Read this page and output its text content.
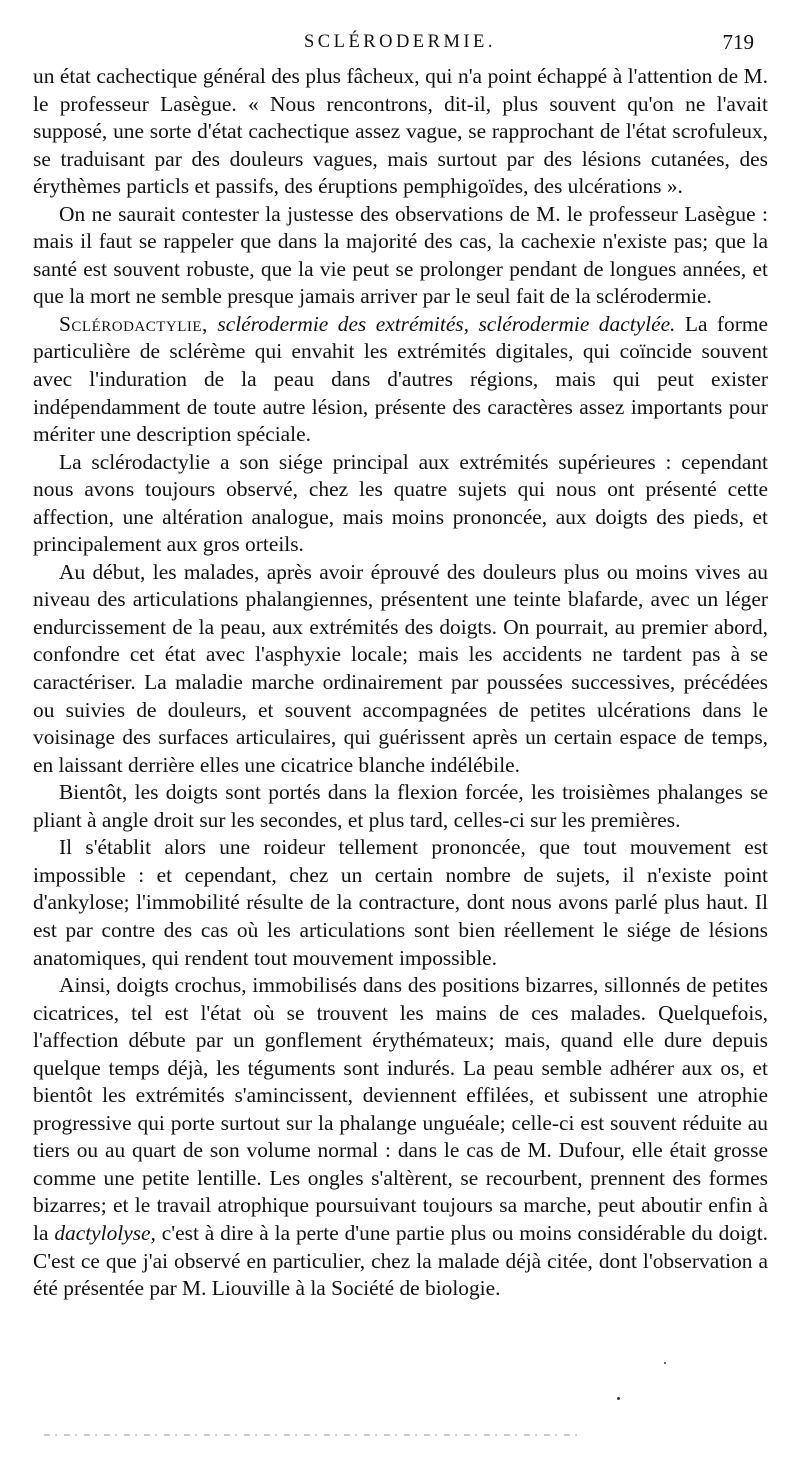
SCLÉRODERMIE.	719

un état cachectique général des plus fâcheux, qui n'a point échappé à l'attention de M. le professeur Lasègue. « Nous rencontrons, dit-il, plus souvent qu'on ne l'avait supposé, une sorte d'état cachectique assez vague, se rapprochant de l'état scrofuleux, se traduisant par des douleurs vagues, mais surtout par des lésions cutanées, des érythèmes particls et passifs, des éruptions pemphigoïdes, des ulcérations ».

On ne saurait contester la justesse des observations de M. le professeur Lasègue : mais il faut se rappeler que dans la majorité des cas, la cachexie n'existe pas; que la santé est souvent robuste, que la vie peut se prolonger pendant de longues années, et que la mort ne semble presque jamais arriver par le seul fait de la sclérodermie.

Sclérodactylie, sclérodermie des extrémités, sclérodermie dactylée. La forme particulière de sclérème qui envahit les extrémités digitales, qui coïncide souvent avec l'induration de la peau dans d'autres régions, mais qui peut exister indépendamment de toute autre lésion, présente des caractères assez importants pour mériter une description spéciale.

La sclérodactylie a son siége principal aux extrémités supérieures : cependant nous avons toujours observé, chez les quatre sujets qui nous ont présenté cette affection, une altération analogue, mais moins prononcée, aux doigts des pieds, et principalement aux gros orteils.

Au début, les malades, après avoir éprouvé des douleurs plus ou moins vives au niveau des articulations phalangiennes, présentent une teinte blafarde, avec un léger endurcissement de la peau, aux extrémités des doigts. On pourrait, au premier abord, confondre cet état avec l'asphyxie locale; mais les accidents ne tardent pas à se caractériser. La maladie marche ordinairement par poussées successives, précédées ou suivies de douleurs, et souvent accompagnées de petites ulcérations dans le voisinage des surfaces articulaires, qui guérissent après un certain espace de temps, en laissant derrière elles une cicatrice blanche indélébile.

Bientôt, les doigts sont portés dans la flexion forcée, les troisièmes phalanges se pliant à angle droit sur les secondes, et plus tard, celles-ci sur les premières.

Il s'établit alors une roideur tellement prononcée, que tout mouvement est impossible : et cependant, chez un certain nombre de sujets, il n'existe point d'ankylose; l'immobilité résulte de la contracture, dont nous avons parlé plus haut. Il est par contre des cas où les articulations sont bien réellement le siége de lésions anatomiques, qui rendent tout mouvement impossible.

Ainsi, doigts crochus, immobilisés dans des positions bizarres, sillonnés de petites cicatrices, tel est l'état où se trouvent les mains de ces malades. Quelquefois, l'affection débute par un gonflement érythémateux; mais, quand elle dure depuis quelque temps déjà, les téguments sont indurés. La peau semble adhérer aux os, et bientôt les extrémités s'amincissent, deviennent effilées, et subissent une atrophie progressive qui porte surtout sur la phalange unguéale; celle-ci est souvent réduite au tiers ou au quart de son volume normal : dans le cas de M. Dufour, elle était grosse comme une petite lentille. Les ongles s'altèrent, se recourbent, prennent des formes bizarres; et le travail atrophique poursuivant toujours sa marche, peut aboutir enfin à la dactylolyse, c'est à dire à la perte d'une partie plus ou moins considérable du doigt. C'est ce que j'ai observé en particulier, chez la malade déjà citée, dont l'observation a été présentée par M. Liouville à la Société de biologie.
